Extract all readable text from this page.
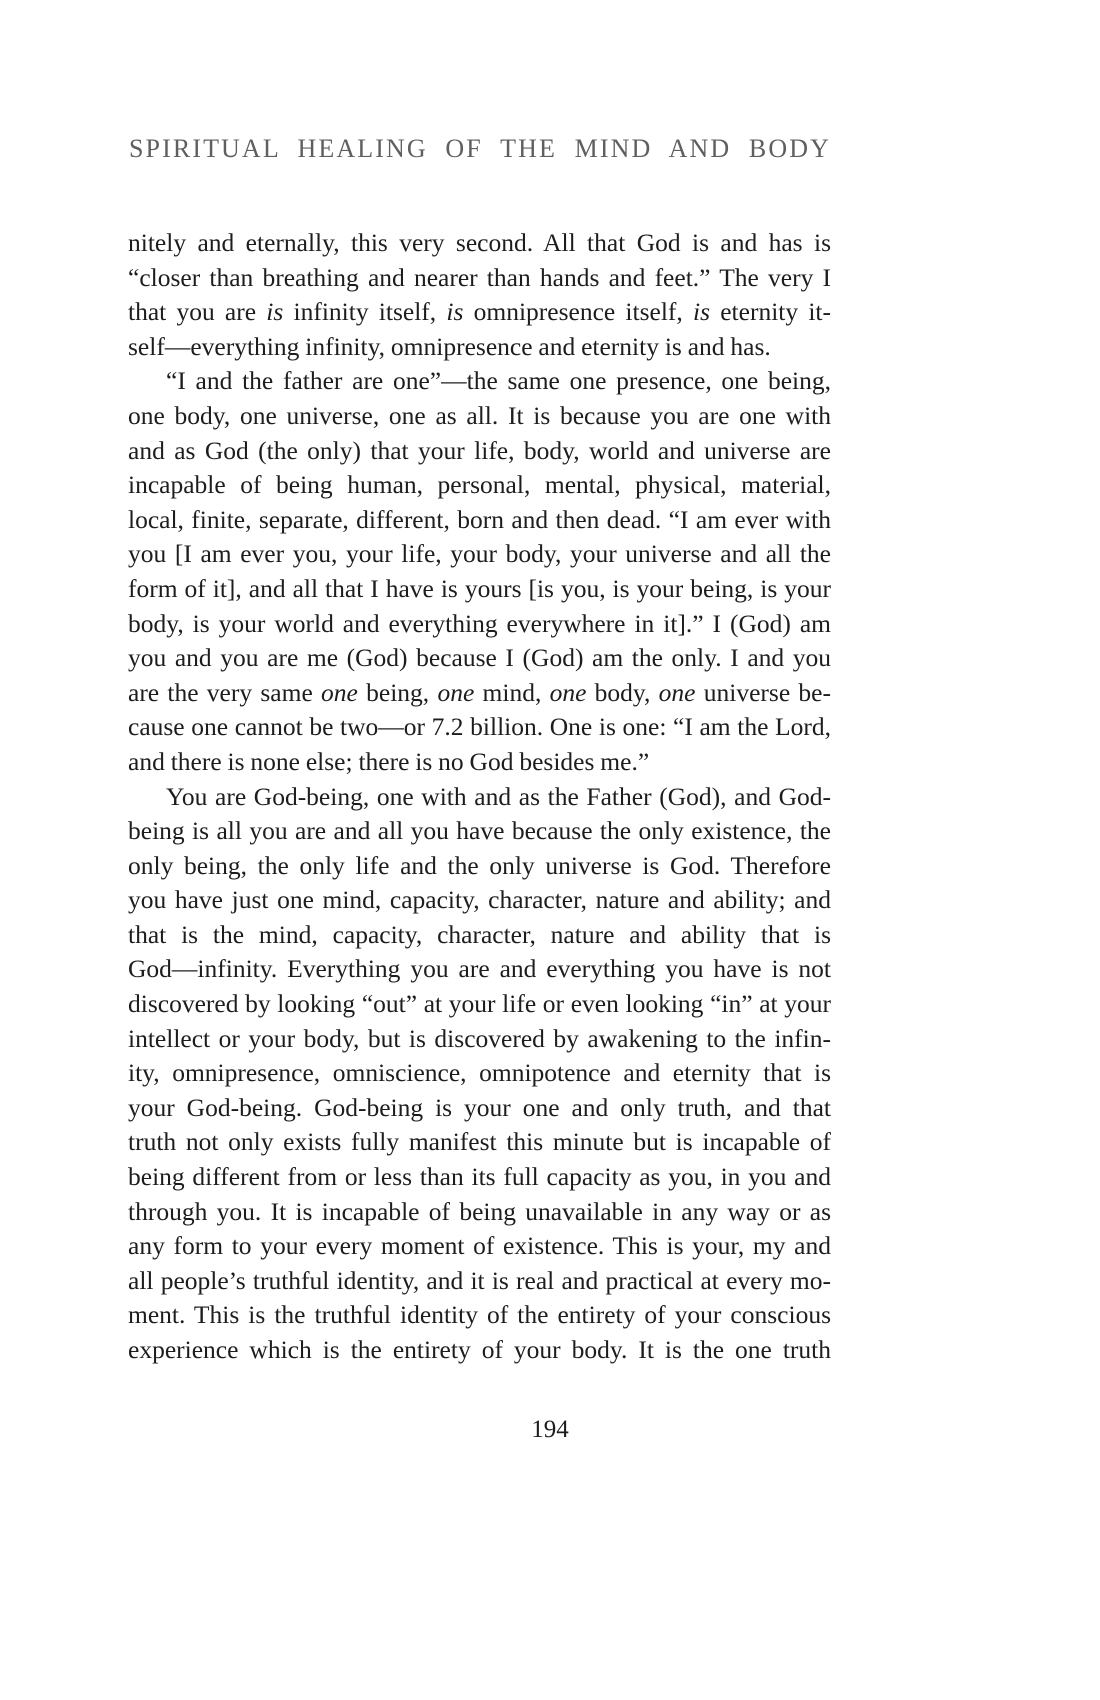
SPIRITUAL HEALING OF THE MIND AND BODY
nitely and eternally, this very second. All that God is and has is
“closer than breathing and nearer than hands and feet.” The very I
that you are is infinity itself, is omnipresence itself, is eternity it-
self—everything infinity, omnipresence and eternity is and has.
“I and the father are one”—the same one presence, one being,
one body, one universe, one as all. It is because you are one with
and as God (the only) that your life, body, world and universe are
incapable of being human, personal, mental, physical, material,
local, finite, separate, different, born and then dead. “I am ever with
you [I am ever you, your life, your body, your universe and all the
form of it], and all that I have is yours [is you, is your being, is your
body, is your world and everything everywhere in it].” I (God) am
you and you are me (God) because I (God) am the only. I and you
are the very same one being, one mind, one body, one universe be-
cause one cannot be two—or 7.2 billion. One is one: “I am the Lord,
and there is none else; there is no God besides me.”
You are God-being, one with and as the Father (God), and God-
being is all you are and all you have because the only existence, the
only being, the only life and the only universe is God. Therefore
you have just one mind, capacity, character, nature and ability; and
that is the mind, capacity, character, nature and ability that is
God—infinity. Everything you are and everything you have is not
discovered by looking “out” at your life or even looking “in” at your
intellect or your body, but is discovered by awakening to the infin-
ity, omnipresence, omniscience, omnipotence and eternity that is
your God-being. God-being is your one and only truth, and that
truth not only exists fully manifest this minute but is incapable of
being different from or less than its full capacity as you, in you and
through you. It is incapable of being unavailable in any way or as
any form to your every moment of existence. This is your, my and
all people’s truthful identity, and it is real and practical at every mo-
ment. This is the truthful identity of the entirety of your conscious
experience which is the entirety of your body. It is the one truth
194
